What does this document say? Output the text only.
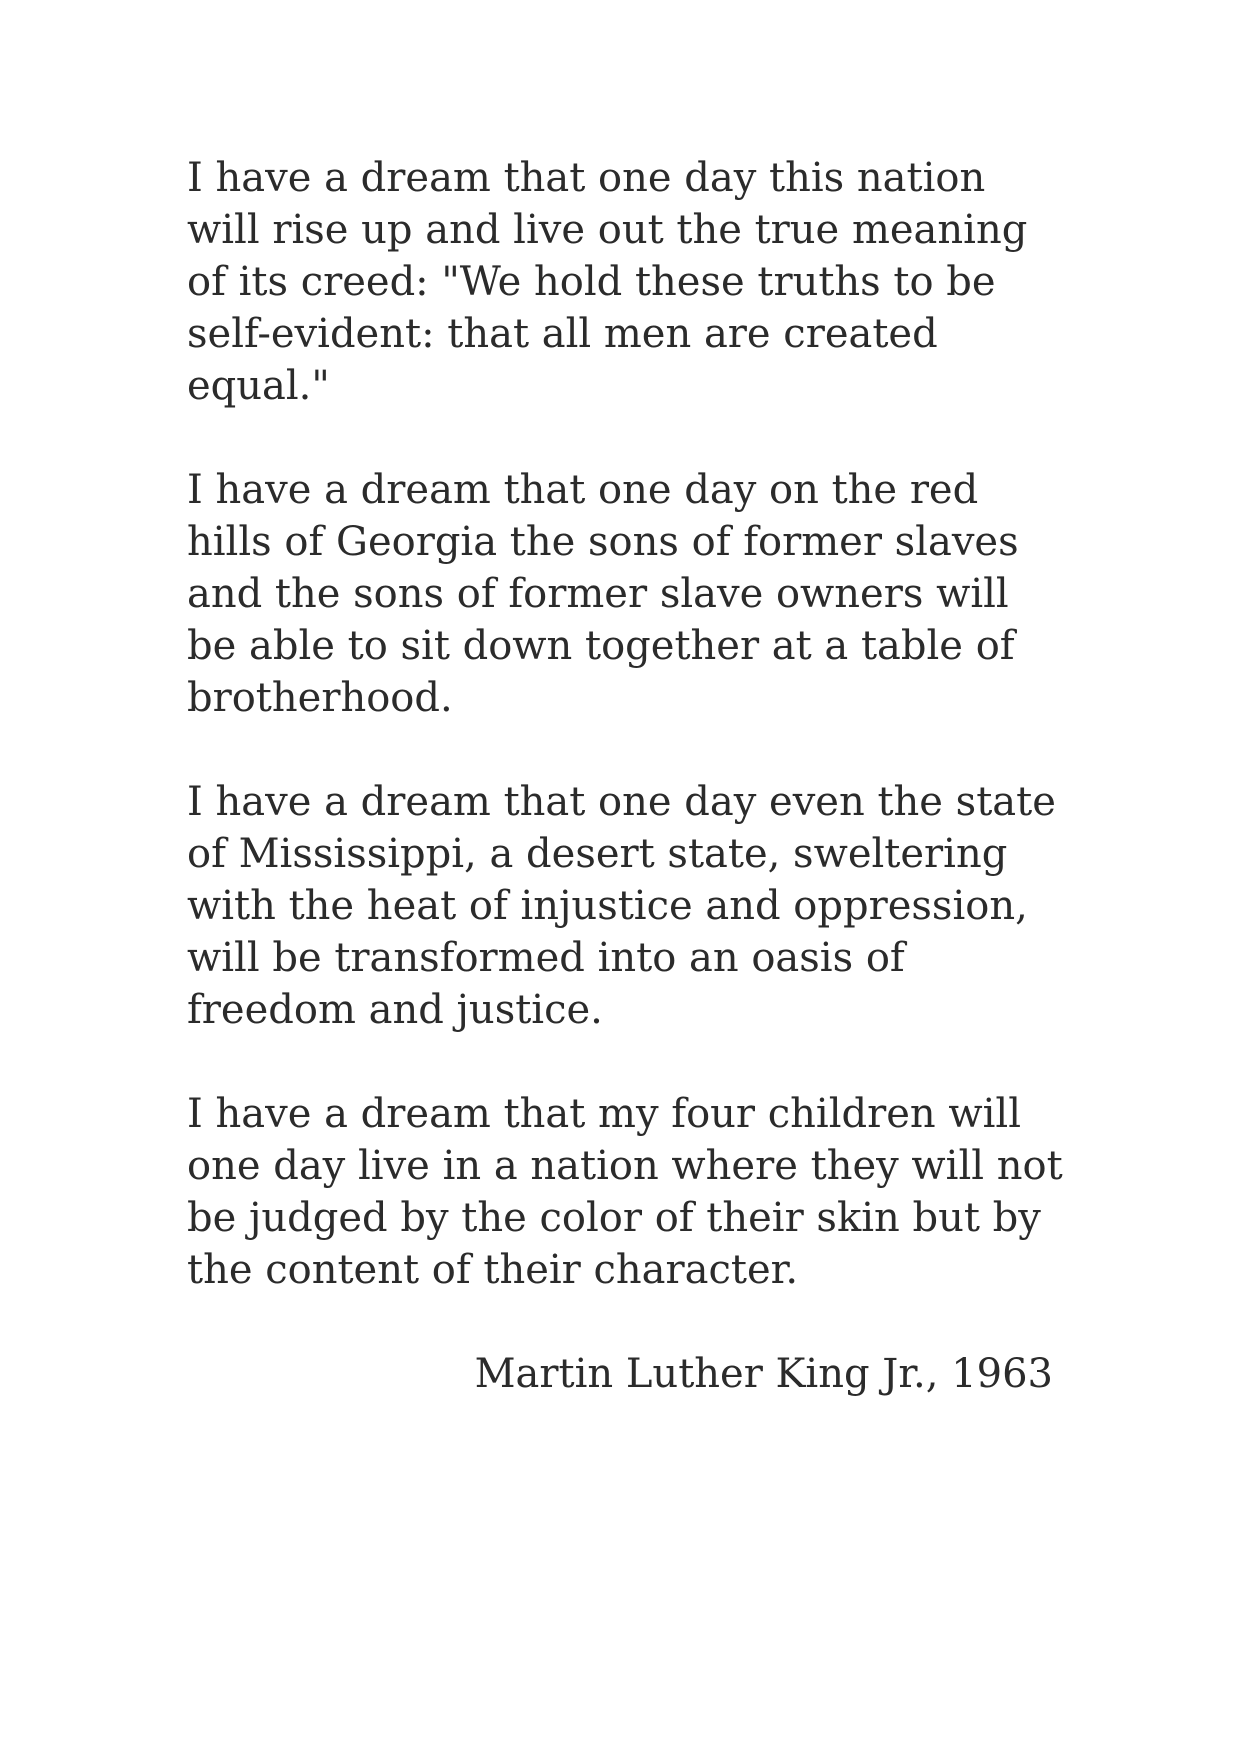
I have a dream that one day this nation
will rise up and live out the true meaning
of its creed: "We hold these truths to be
self-evident: that all men are created
equal."

I have a dream that one day on the red
hills of Georgia the sons of former slaves
and the sons of former slave owners will
be able to sit down together at a table of
brotherhood.

I have a dream that one day even the state
of Mississippi, a desert state, sweltering
with the heat of injustice and oppression,
will be transformed into an oasis of
freedom and justice.

I have a dream that my four children will
one day live in a nation where they will not
be judged by the color of their skin but by
the content of their character.

Martin Luther King Jr., 1963
